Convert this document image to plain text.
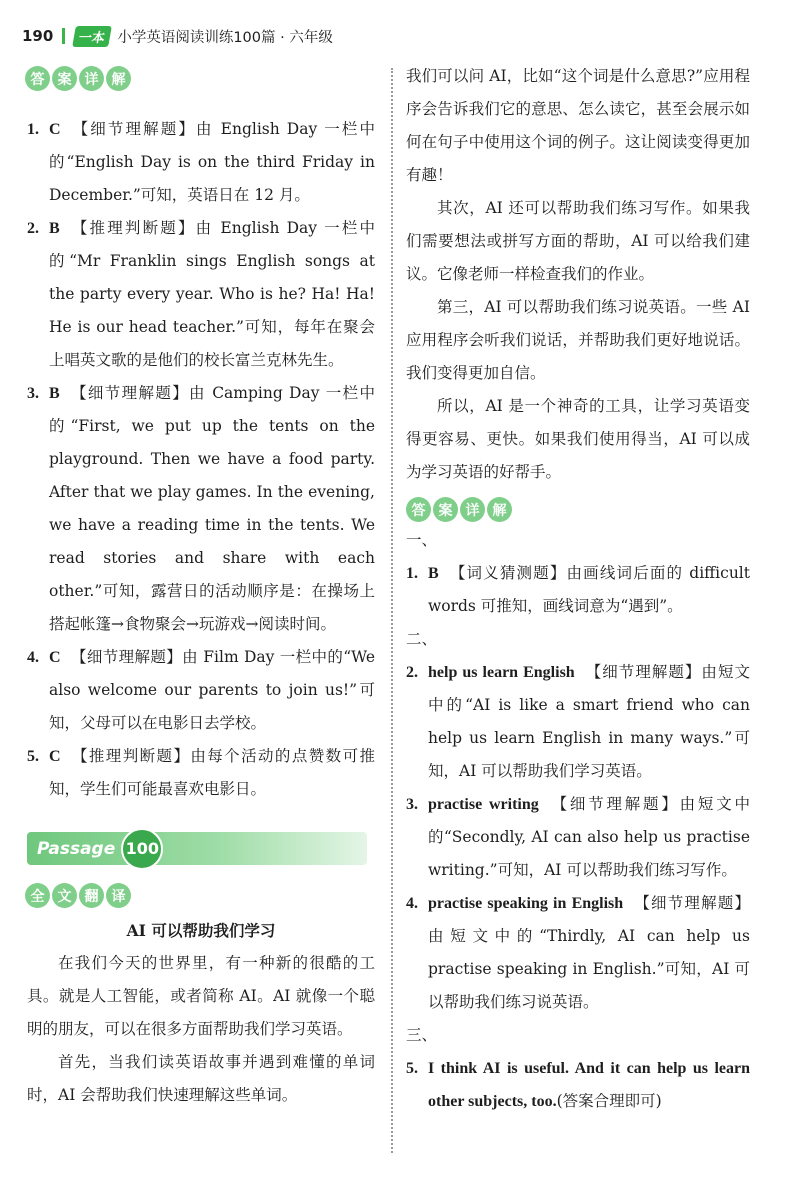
190	一本 小学英语阅读训练100篇 · 六年级
答 案 详 解
1. C 【细节理解题】由 English Day 一栏中的“English Day is on the third Friday in December.”可知，英语日在 12 月。
2. B 【推理判断题】由 English Day 一栏中的“Mr Franklin sings English songs at the party every year. Who is he? Ha! Ha! He is our head teacher.”可知，每年在聚会上唱英文歌的是他们的校长富兰克林先生。
3. B 【细节理解题】由 Camping Day 一栏中的“First, we put up the tents on the playground. Then we have a food party. After that we play games. In the evening, we have a reading time in the tents. We read stories and share with each other.”可知，露营日的活动顺序是：在操场上搭起帐篷→食物聚会→玩游戏→阅读时间。
4. C 【细节理解题】由 Film Day 一栏中的“We also welcome our parents to join us!”可知，父母可以在电影日去学校。
5. C 【推理判断题】由每个活动的点赞数可推知，学生们可能最喜欢电影日。
Passage 100
全 文 翻 译
AI 可以帮助我们学习
在我们今天的世界里，有一种新的很酷的工具。就是人工智能，或者简称 AI。AI 就像一个聪明的朋友，可以在很多方面帮助我们学习英语。
首先，当我们读英语故事并遇到难懂的单词时，AI 会帮助我们快速理解这些单词。
我们可以问 AI，比如“这个词是什么意思?”应用程序会告诉我们它的意思、怎么读它，甚至会展示如何在句子中使用这个词的例子。这让阅读变得更加有趣！
其次，AI 还可以帮助我们练习写作。如果我们需要想法或拼写方面的帮助，AI 可以给我们建议。它像老师一样检查我们的作业。
第三，AI 可以帮助我们练习说英语。一些 AI 应用程序会听我们说话，并帮助我们更好地说话。我们变得更加自信。
所以，AI 是一个神奇的工具，让学习英语变得更容易、更快。如果我们使用得当，AI 可以成为学习英语的好帮手。
答 案 详 解
一、
1. B 【词义猜测题】由画线词后面的 difficult words 可推知，画线词意为“遇到”。
二、
2. help us learn English 【细节理解题】由短文中的“AI is like a smart friend who can help us learn English in many ways.”可知，AI 可以帮助我们学习英语。
3. practise writing 【细节理解题】由短文中的“Secondly, AI can also help us practise writing.”可知，AI 可以帮助我们练习写作。
4. practise speaking in English 【细节理解题】由短文中的“Thirdly, AI can help us practise speaking in English.”可知，AI 可以帮助我们练习说英语。
三、
5. I think AI is useful. And it can help us learn other subjects, too.(答案合理即可)
